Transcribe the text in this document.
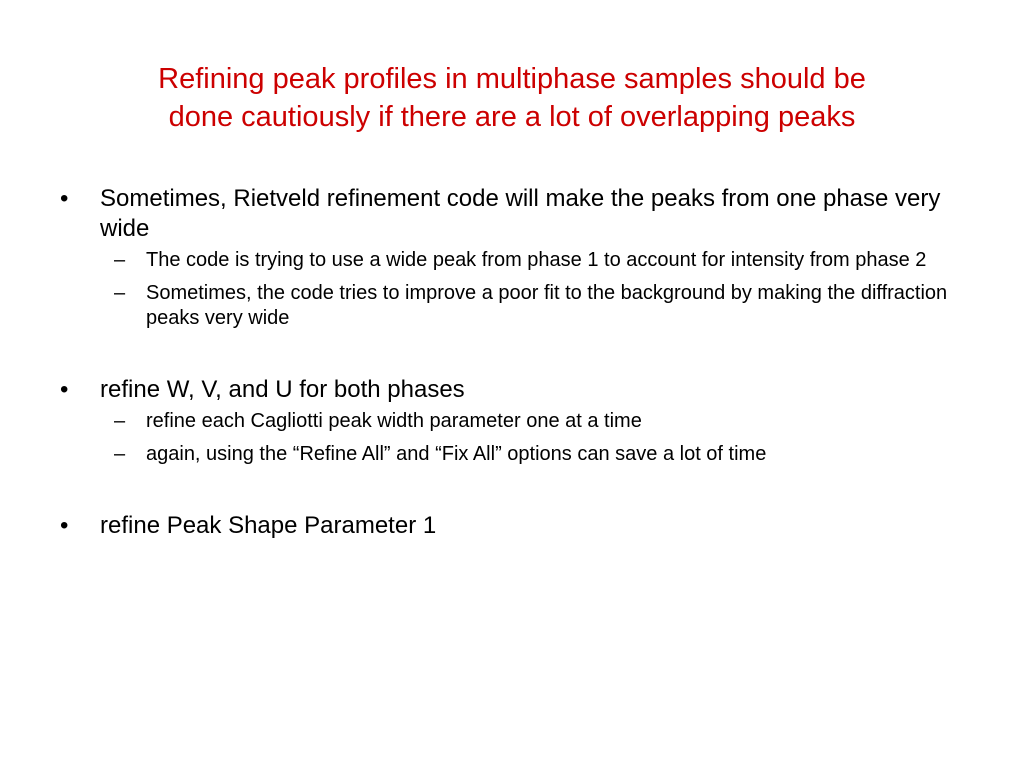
Refining peak profiles in multiphase samples should be
done cautiously if there are a lot of overlapping peaks
•	Sometimes, Rietveld refinement code will make the peaks from one phase very wide
– The code is trying to use a wide peak from phase 1 to account for intensity from phase 2
– Sometimes, the code tries to improve a poor fit to the background by making the diffraction peaks very wide
•	refine W, V, and U for both phases
– refine each Cagliotti peak width parameter one at a time
– again, using the “Refine All” and “Fix All” options can save a lot of time
•	refine Peak Shape Parameter 1
